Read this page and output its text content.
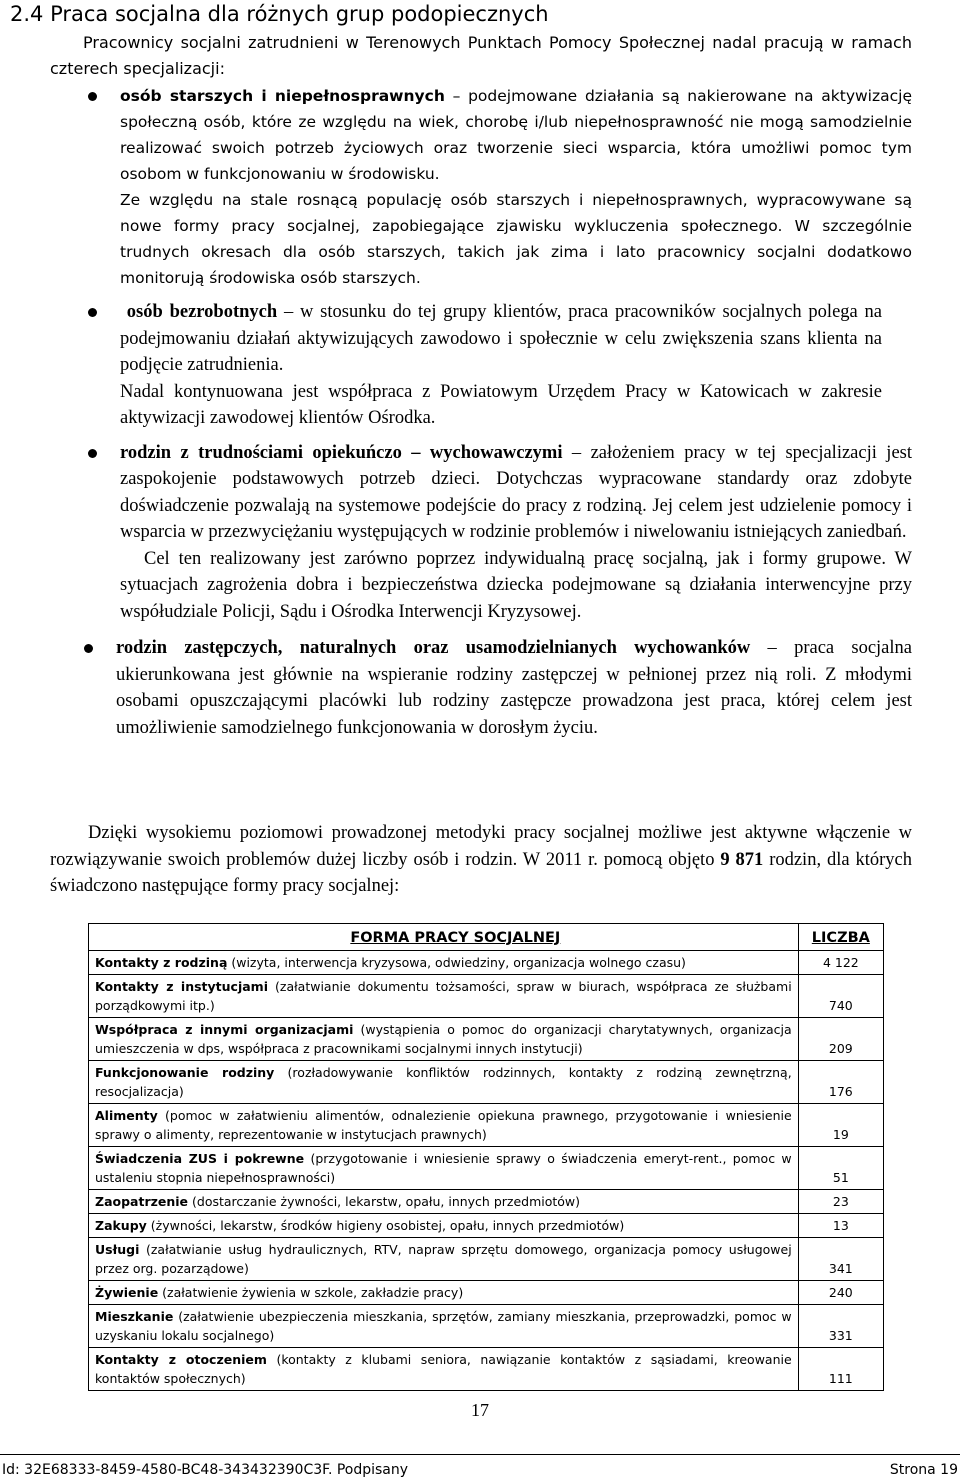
2.4 Praca socjalna dla różnych grup podopiecznych

Pracownicy socjalni zatrudnieni w Terenowych Punktach Pomocy Społecznej nadal pracują w ramach czterech specjalizacji:

osób starszych i niepełnosprawnych – podejmowane działania są nakierowane na aktywizację społeczną osób, które ze względu na wiek, chorobę i/lub niepełnosprawność nie mogą samodzielnie realizować swoich potrzeb życiowych oraz tworzenie sieci wsparcia, która umożliwi pomoc tym osobom w funkcjonowaniu w środowisku.

Ze względu na stale rosnącą populację osób starszych i niepełnosprawnych, wypracowywane są nowe formy pracy socjalnej, zapobiegające zjawisku wykluczenia społecznego. W szczególnie trudnych okresach dla osób starszych, takich jak zima i lato pracownicy socjalni dodatkowo monitorują środowiska osób starszych.

osób bezrobotnych – w stosunku do tej grupy klientów, praca pracowników socjalnych polega na podejmowaniu działań aktywizujących zawodowo i społecznie w celu zwiększenia szans klienta na podjęcie zatrudnienia.

Nadal kontynuowana jest współpraca z Powiatowym Urzędem Pracy w Katowicach w zakresie aktywizacji zawodowej klientów Ośrodka.

rodzin z trudnościami opiekuńczo – wychowawczymi – założeniem pracy w tej specjalizacji jest zaspokojenie podstawowych potrzeb dzieci. Dotychczas wypracowane standardy oraz zdobyte doświadczenie pozwalają na systemowe podejście do pracy z rodziną. Jej celem jest udzielenie pomocy i wsparcia w przezwyciężaniu występujących w rodzinie problemów i niwelowaniu istniejących zaniedbań.

Cel ten realizowany jest zarówno poprzez indywidualną pracę socjalną, jak i formy grupowe. W sytuacjach zagrożenia dobra i bezpieczeństwa dziecka podejmowane są działania interwencyjne przy współudziale Policji, Sądu i Ośrodka Interwencji Kryzysowej.

rodzin zastępczych, naturalnych oraz usamodzielnianych wychowanków – praca socjalna ukierunkowana jest głównie na wspieranie rodziny zastępczej w pełnionej przez nią roli. Z młodymi osobami opuszczającymi placówki lub rodziny zastępcze prowadzona jest praca, której celem jest umożliwienie samodzielnego funkcjonowania w dorosłym życiu.

Dzięki wysokiemu poziomowi prowadzonej metodyki pracy socjalnej możliwe jest aktywne włączenie w rozwiązywanie swoich problemów dużej liczby osób i rodzin. W 2011 r. pomocą objęto 9 871 rodzin, dla których świadczono następujące formy pracy socjalnej:

FORMA PRACY SOCJALNEJ	LICZBA
Kontakty z rodziną (wizyta, interwencja kryzysowa, odwiedziny, organizacja wolnego czasu)	4 122
Kontakty z instytucjami (załatwianie dokumentu tożsamości, spraw w biurach, współpraca ze służbami porządkowymi itp.)	740
Współpraca z innymi organizacjami (wystąpienia o pomoc do organizacji charytatywnych, organizacja umieszczenia w dps, współpraca z pracownikami socjalnymi innych instytucji)	209
Funkcjonowanie rodziny (rozładowywanie konfliktów rodzinnych, kontakty z rodziną zewnętrzną, resocjalizacja)	176
Alimenty (pomoc w załatwieniu alimentów, odnalezienie opiekuna prawnego, przygotowanie i wniesienie sprawy o alimenty, reprezentowanie w instytucjach prawnych)	19
Świadczenia ZUS i pokrewne (przygotowanie i wniesienie sprawy o świadczenia emeryt-rent., pomoc w ustaleniu stopnia niepełnosprawności)	51
Zaopatrzenie (dostarczanie żywności, lekarstw, opału, innych przedmiotów)	23
Zakupy (żywności, lekarstw, środków higieny osobistej, opału, innych przedmiotów)	13
Usługi (załatwianie usług hydraulicznych, RTV, napraw sprzętu domowego, organizacja pomocy usługowej przez org. pozarządowe)	341
Żywienie (załatwienie żywienia w szkole, zakładzie pracy)	240
Mieszkanie (załatwienie ubezpieczenia mieszkania, sprzętów, zamiany mieszkania, przeprowadzki, pomoc w uzyskaniu lokalu socjalnego)	331
Kontakty z otoczeniem (kontakty z klubami seniora, nawiązanie kontaktów z sąsiadami, kreowanie kontaktów społecznych)	111
17
Id: 32E68333-8459-4580-BC48-343432390C3F. Podpisany	Strona 19
